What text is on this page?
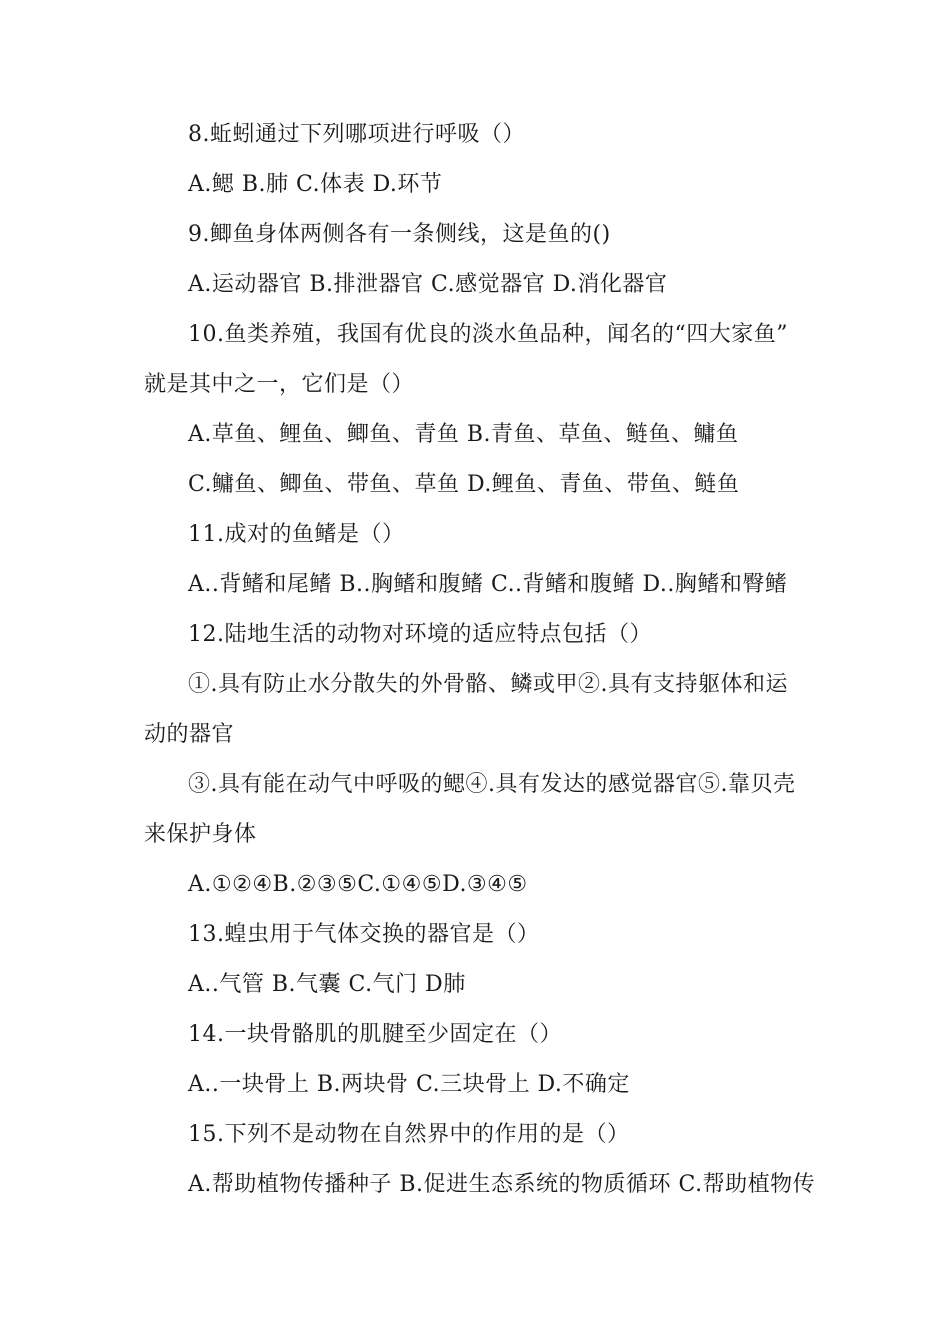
8.蚯蚓通过下列哪项进行呼吸（）
A.鳃 B.肺 C.体表 D.环节
9.鲫鱼身体两侧各有一条侧线，这是鱼的()
A.运动器官 B.排泄器官 C.感觉器官 D.消化器官
10.鱼类养殖，我国有优良的淡水鱼品种，闻名的“四大家鱼”
就是其中之一，它们是（）
A.草鱼、鲤鱼、鲫鱼、青鱼 B.青鱼、草鱼、鲢鱼、鳙鱼
C.鳙鱼、鲫鱼、带鱼、草鱼 D.鲤鱼、青鱼、带鱼、鲢鱼
11.成对的鱼鳍是（）
A..背鳍和尾鳍 B..胸鳍和腹鳍 C..背鳍和腹鳍 D..胸鳍和臀鳍
12.陆地生活的动物对环境的适应特点包括（）
①.具有防止水分散失的外骨骼、鳞或甲②.具有支持躯体和运
动的器官
③.具有能在动气中呼吸的鳃④.具有发达的感觉器官⑤.靠贝壳
来保护身体
A.①②④B.②③⑤C.①④⑤D.③④⑤
13.蝗虫用于气体交换的器官是（）
A..气管 B.气囊 C.气门 D肺
14.一块骨骼肌的肌腱至少固定在（）
A..一块骨上 B.两块骨 C.三块骨上 D.不确定
15.下列不是动物在自然界中的作用的是（）
A.帮助植物传播种子 B.促进生态系统的物质循环 C.帮助植物传
